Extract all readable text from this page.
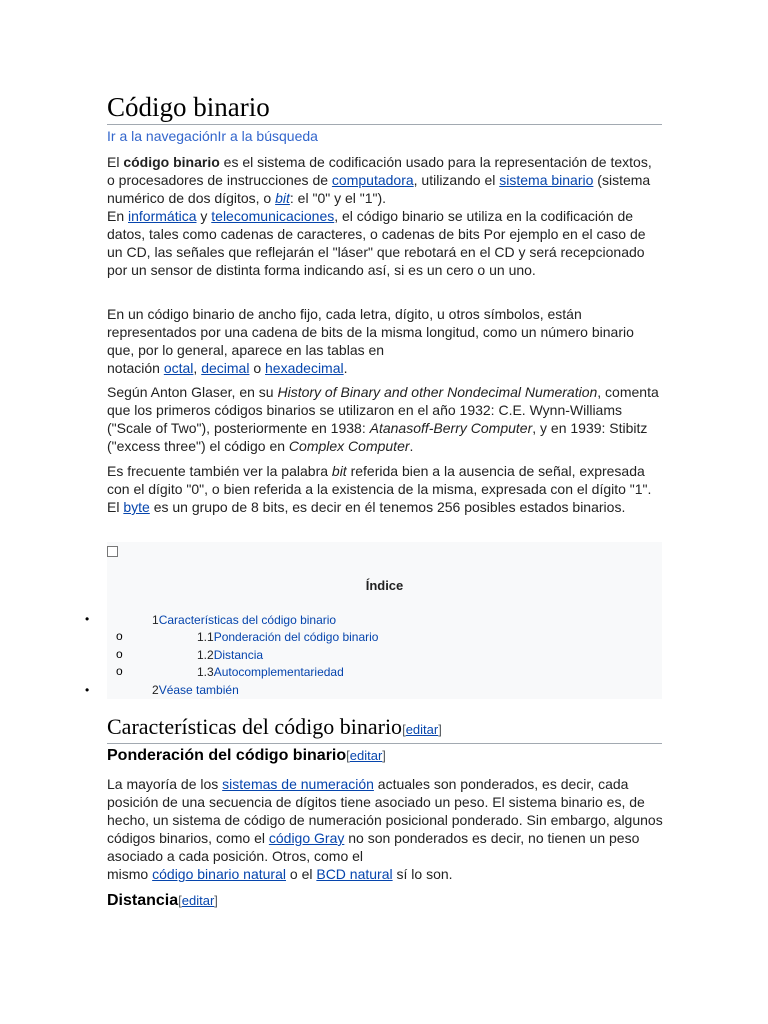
Código binario
Ir a la navegaciónIr a la búsqueda

El código binario es el sistema de codificación usado para la representación de textos, o procesadores de instrucciones de computadora, utilizando el sistema binario (sistema numérico de dos dígitos, o bit: el "0" y el "1").
En informática y telecomunicaciones, el código binario se utiliza en la codificación de datos, tales como cadenas de caracteres, o cadenas de bits Por ejemplo en el caso de un CD, las señales que reflejarán el "láser" que rebotará en el CD y será recepcionado por un sensor de distinta forma indicando así, si es un cero o un uno.

En un código binario de ancho fijo, cada letra, dígito, u otros símbolos, están representados por una cadena de bits de la misma longitud, como un número binario que, por lo general, aparece en las tablas en
notación octal, decimal o hexadecimal.

Según Anton Glaser, en su History of Binary and other Nondecimal Numeration, comenta que los primeros códigos binarios se utilizaron en el año 1932: C.E. Wynn-Williams ("Scale of Two"), posteriormente en 1938: Atanasoff-Berry Computer, y en 1939: Stibitz ("excess three") el código en Complex Computer.

Es frecuente también ver la palabra bit referida bien a la ausencia de señal, expresada con el dígito "0", o bien referida a la existencia de la misma, expresada con el dígito "1". El byte es un grupo de 8 bits, es decir en él tenemos 256 posibles estados binarios.

Índice
1Características del código binario
1.1Ponderación del código binario
1.2Distancia
1.3Autocomplementariedad
2Véase también
•
o
o
o
•
Características del código binario[editar]
Ponderación del código binario[editar]

La mayoría de los sistemas de numeración actuales son ponderados, es decir, cada posición de una secuencia de dígitos tiene asociado un peso. El sistema binario es, de hecho, un sistema de código de numeración posicional ponderado. Sin embargo, algunos códigos binarios, como el código Gray no son ponderados es decir, no tienen un peso asociado a cada posición. Otros, como el
mismo código binario natural o el BCD natural sí lo son.

Distancia[editar]
